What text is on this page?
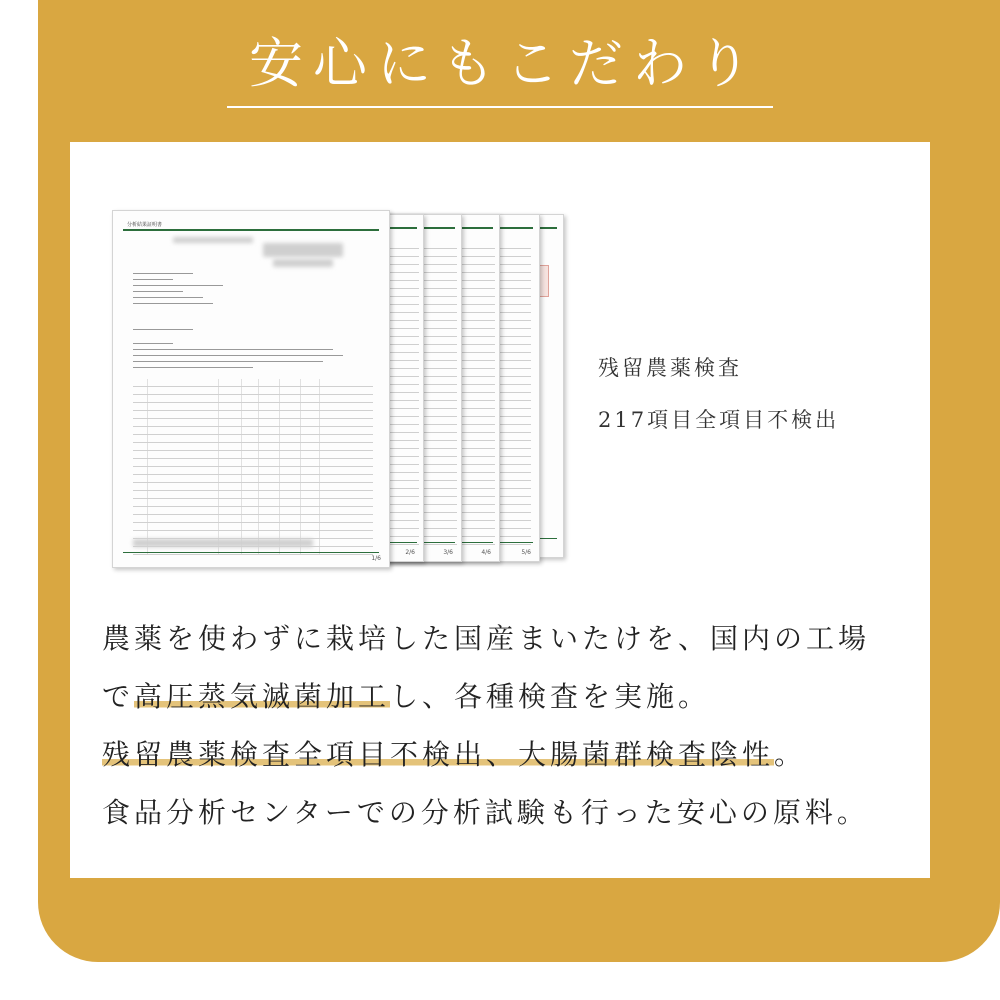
安心にもこだわり
5/6
4/6
3/6
2/6
分析結果証明書
1/6
残留農薬検査
217項目全項目不検出
農薬を使わずに栽培した国産まいたけを、国内の工場
で高圧蒸気滅菌加工し、各種検査を実施。
残留農薬検査全項目不検出、大腸菌群検査陰性。
食品分析センターでの分析試験も行った安心の原料。
